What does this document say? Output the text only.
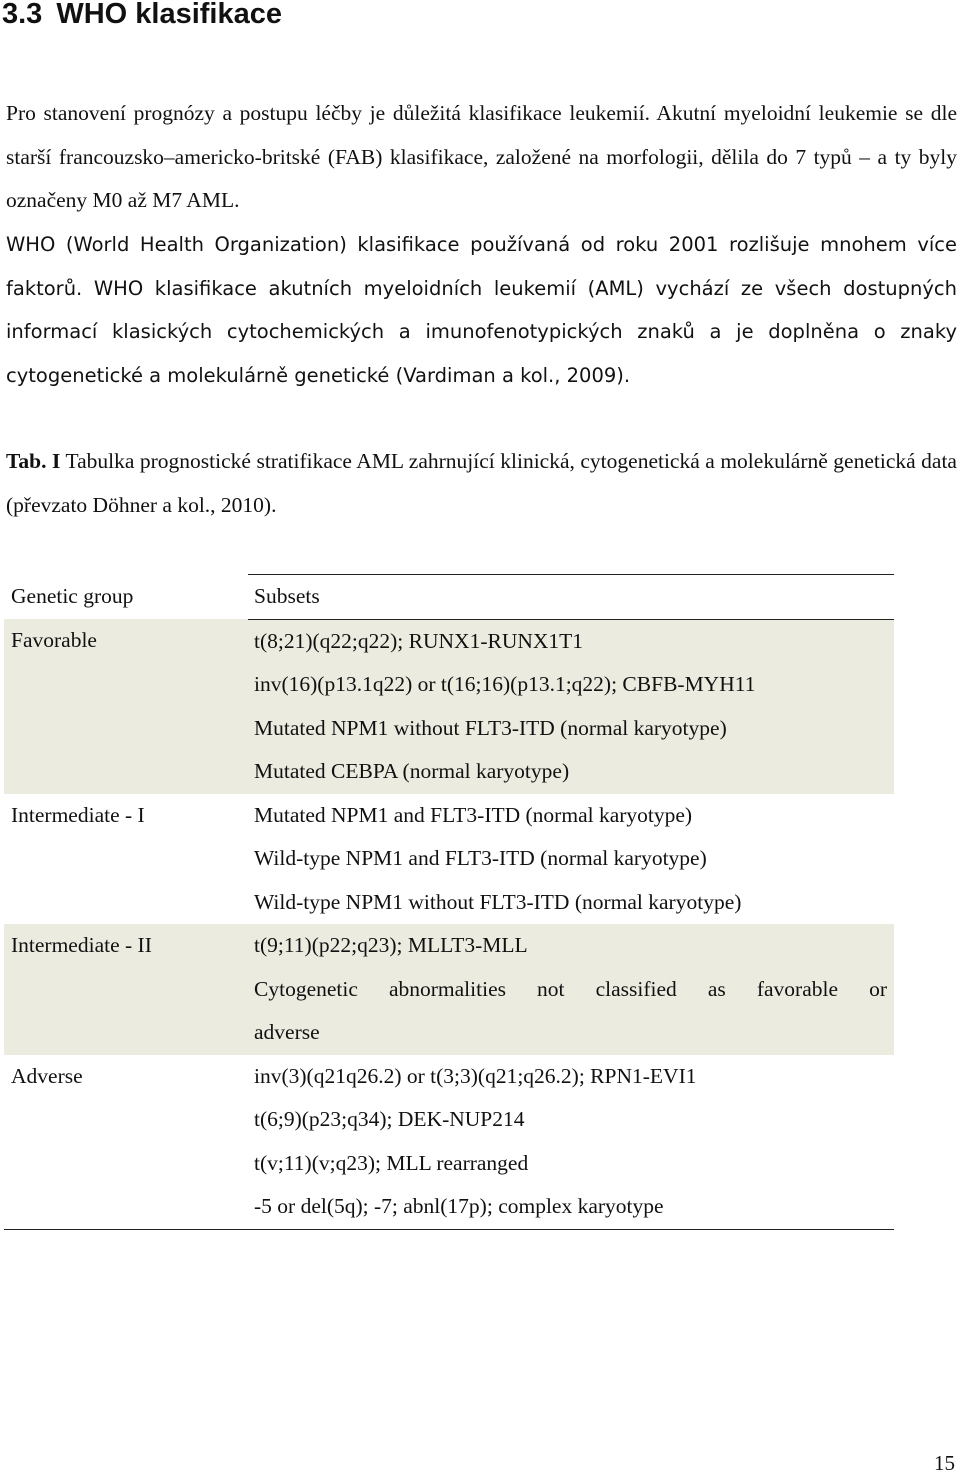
3.3 WHO klasifikace

Pro stanovení prognózy a postupu léčby je důležitá klasifikace leukemií. Akutní myeloidní leukemie se dle starší francouzsko–americko-britské (FAB) klasifikace, založené na morfologii, dělila do 7 typů – a ty byly označeny M0 až M7 AML.

WHO (World Health Organization) klasifikace používaná od roku 2001 rozlišuje mnohem více faktorů. WHO klasifikace akutních myeloidních leukemií (AML) vychází ze všech dostupných informací klasických cytochemických a imunofenotypických znaků a je doplněna o znaky cytogenetické a molekulárně genetické (Vardiman a kol., 2009).

Tab. I Tabulka prognostické stratifikace AML zahrnující klinická, cytogenetická a molekulárně genetická data (převzato Döhner a kol., 2010).

Genetic group	Subsets
Favorable	t(8;21)(q22;q22); RUNX1-RUNX1T1
	inv(16)(p13.1q22) or t(16;16)(p13.1;q22); CBFB-MYH11
	Mutated NPM1 without FLT3-ITD (normal karyotype)
	Mutated CEBPA (normal karyotype)
Intermediate - I	Mutated NPM1 and FLT3-ITD (normal karyotype)
	Wild-type NPM1 and FLT3-ITD (normal karyotype)
	Wild-type NPM1 without FLT3-ITD (normal karyotype)
Intermediate - II	t(9;11)(p22;q23); MLLT3-MLL
	Cytogenetic abnormalities not classified as favorable or
	adverse
Adverse	inv(3)(q21q26.2) or t(3;3)(q21;q26.2); RPN1-EVI1
	t(6;9)(p23;q34); DEK-NUP214
	t(v;11)(v;q23); MLL rearranged
	-5 or del(5q); -7; abnl(17p); complex karyotype

15
